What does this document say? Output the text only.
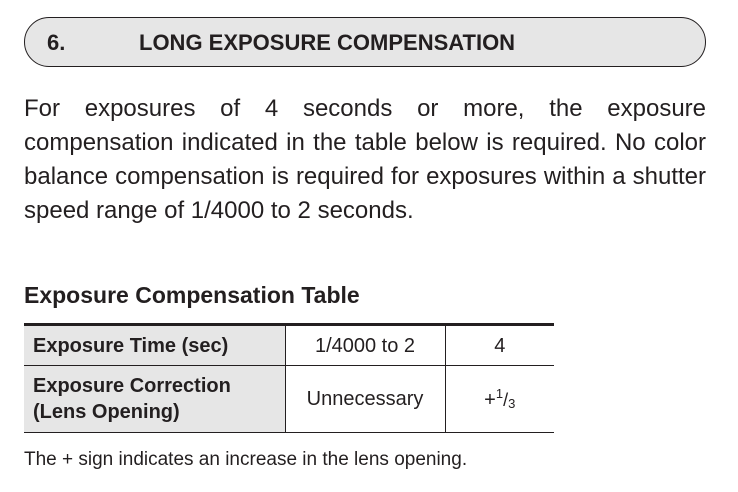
6.	LONG EXPOSURE COMPENSATION

For exposures of 4 seconds or more, the exposure compensation indicated in the table below is required. No color balance compensation is required for exposures within a shutter speed range of 1/4000 to 2 seconds.

Exposure Compensation Table
Exposure Time (sec)	1/4000 to 2	4

Exposure Correction
(Lens Opening)	Unnecessary	+$^1$/3

The + sign indicates an increase in the lens opening.
